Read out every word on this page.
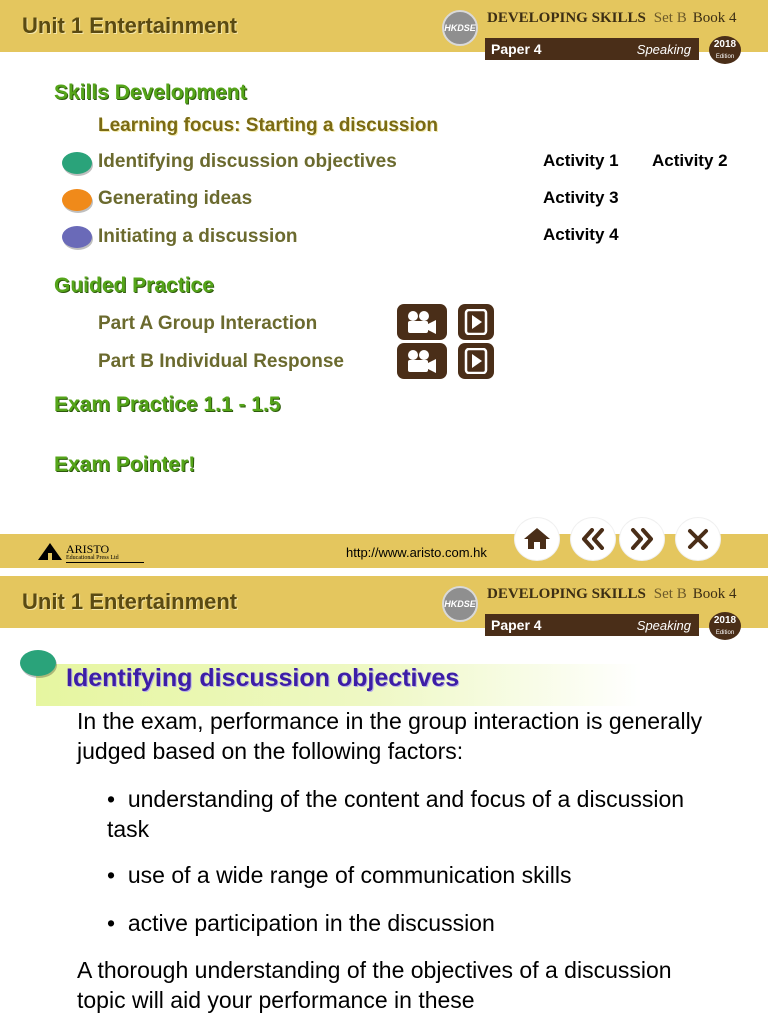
Unit 1 Entertainment	HKDSE
DEVELOPING SKILLS Set B Book 4
Paper 4	Speaking	2018
Edition
Skills Development
Learning focus: Starting a discussion
Identifying discussion objectives	Activity 1 Activity 2
Generating ideas	Activity 3
Initiating a discussion	Activity 4
Guided Practice
Part A Group Interaction
Part B Individual Response
Exam Practice 1.1 - 1.5
Exam Pointer!
ARISTO
Educational Press Ltd	http://www.aristo.com.hk
Unit 1 Entertainment	HKDSE
DEVELOPING SKILLS Set B Book 4
Paper 4	Speaking	2018
Edition
Identifying discussion objectives
In the exam, performance in the group interaction is generally judged based on the following factors:
•  understanding of the content and focus of a discussion task
•  use of a wide range of communication skills
•  active participation in the discussion
A thorough understanding of the objectives of a discussion topic will aid your performance in these
